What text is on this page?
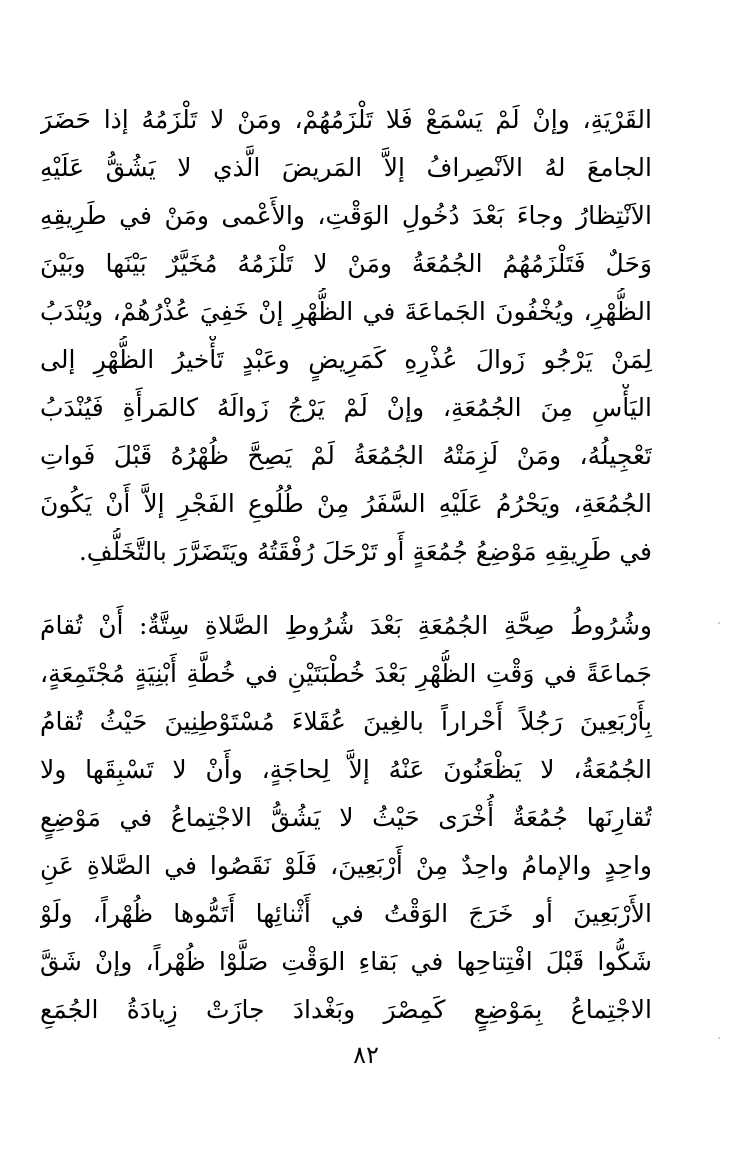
القَرْيَةِ، وإنْ لَمْ يَسْمَعْ فَلا تَلْزَمُهُمْ، ومَنْ لا تَلْزَمُهُ إذا حَضَرَ
الجامعَ لهُ الاَنْصِرافُ إلاَّ المَريضَ الَّذي لا يَشُقُّ عَلَيْهِ
الاَنْتِظارُ وجاءَ بَعْدَ دُخُولِ الوَقْتِ، والأَعْمى ومَنْ في طَرِيقِهِ
وَحَلٌ فَتَلْزَمُهُمُ الجُمُعَةُ ومَنْ لا تَلْزَمُهُ مُخَيَّرٌ بَيْنَها وبَيْنَ
الظُّهْرِ، ويُخْفُونَ الجَماعَةَ في الظُّهْرِ إنْ خَفِيَ عُذْرُهُمْ، ويُنْدَبُ
لِمَنْ يَرْجُو زَوالَ عُذْرِهِ كَمَرِيضٍ وعَبْدٍ تَأْخيرُ الظُّهْرِ إلى
اليَأْسِ مِنَ الجُمُعَةِ، وإنْ لَمْ يَرْجُ زَوالَهُ كالمَرأَةِ فَيُنْدَبُ
تَعْجِيلُهُ، ومَنْ لَزِمَتْهُ الجُمُعَةُ لَمْ يَصِحَّ ظُهْرُهُ قَبْلَ فَواتِ
الجُمُعَةِ، ويَحْرُمُ عَلَيْهِ السَّفَرُ مِنْ طُلُوعِ الفَجْرِ إلاَّ أَنْ يَكُونَ
في طَرِيقِهِ مَوْضِعُ جُمُعَةٍ أَو تَرْحَلَ رُفْقَتُهُ ويَتَضَرَّرَ بالتَّخَلُّفِ.
وشُرُوطُ صِحَّةِ الجُمُعَةِ بَعْدَ شُرُوطِ الصَّلاةِ سِتَّةٌ: أَنْ تُقامَ
جَماعَةً في وَقْتِ الظُّهْرِ بَعْدَ خُطْبَتَيْنِ في خُطَّةِ أَبْنِيَةٍ مُجْتَمِعَةٍ،
بِأَرْبَعِينَ رَجُلاً أَحْراراً بالغِينَ عُقَلاءَ مُسْتَوْطِنِينَ حَيْثُ تُقامُ
الجُمُعَةُ، لا يَظْعَنُونَ عَنْهُ إلاَّ لِحاجَةٍ، وأَنْ لا تَسْبِقَها ولا
تُقارِنَها جُمُعَةٌ أُخْرَى حَيْثُ لا يَشُقُّ الاجْتِماعُ في مَوْضِعٍ
واحِدٍ والإمامُ واحِدٌ مِنْ أَرْبَعِينَ، فَلَوْ نَقَصُوا في الصَّلاةِ عَنِ
الأَرْبَعِينَ أو خَرَجَ الوَقْتُ في أَثْنائِها أَتَمُّوها ظُهْراً، ولَوْ
شَكُّوا قَبْلَ افْتِتاحِها في بَقاءِ الوَقْتِ صَلَّوْا ظُهْراً، وإنْ شَقَّ
الاجْتِماعُ بِمَوْضِعٍ كَمِصْرَ وبَغْدادَ جازَتْ زِيادَةُ الجُمَعِ
٨٢
